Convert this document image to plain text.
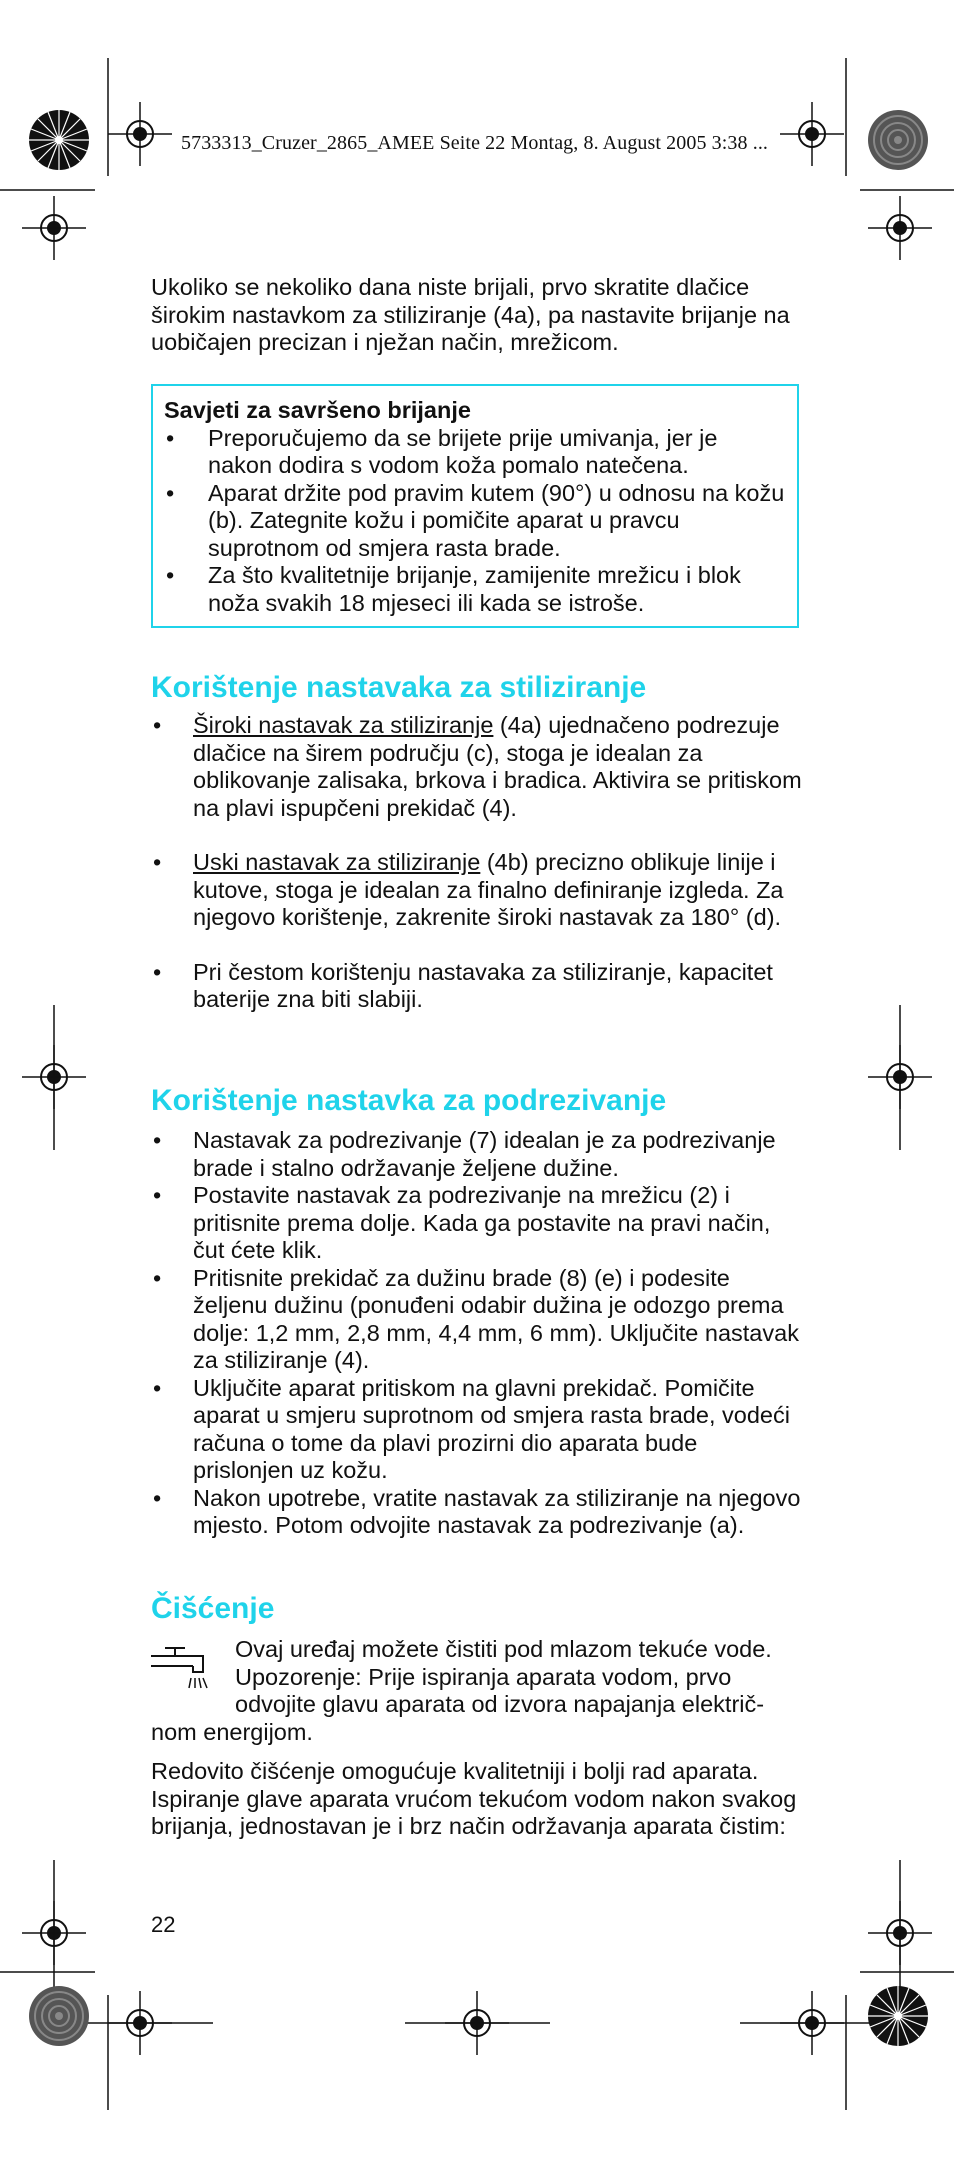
5733313_Cruzer_2865_AMEE Seite 22 Montag, 8. August 2005 3:38 ...

Ukoliko se nekoliko dana niste brijali, prvo skratite dlačice širokim nastavkom za stiliziranje (4a), pa nastavite brijanje na uobičajen precizan i nježan način, mrežicom.

Savjeti za savršeno brijanje
• Preporučujemo da se brijete prije umivanja, jer je nakon dodira s vodom koža pomalo natečena.
• Aparat držite pod pravim kutem (90°) u odnosu na kožu (b). Zategnite kožu i pomičite aparat u pravcu suprotnom od smjera rasta brade.
• Za što kvalitetnije brijanje, zamijenite mrežicu i blok noža svakih 18 mjeseci ili kada se istroše.
Korištenje nastavaka za stiliziranje
• Široki nastavak za stiliziranje (4a) ujednačeno podrezuje dlačice na širem području (c), stoga je idealan za oblikovanje zalisaka, brkova i bradica. Aktivira se pritiskom na plavi ispupčeni prekidač (4).
• Uski nastavak za stiliziranje (4b) precizno oblikuje linije i kutove, stoga je idealan za finalno definiranje izgleda. Za njegovo korištenje, zakrenite široki nastavak za 180° (d).
• Pri čestom korištenju nastavaka za stiliziranje, kapacitet baterije zna biti slabiji.
Korištenje nastavka za podrezivanje
• Nastavak za podrezivanje (7) idealan je za podrezivanje brade i stalno održavanje željene dužine.
• Postavite nastavak za podrezivanje na mrežicu (2) i pritisnite prema dolje. Kada ga postavite na pravi način, čut ćete klik.
• Pritisnite prekidač za dužinu brade (8) (e) i podesite željenu dužinu (ponuđeni odabir dužina je odozgo prema dolje: 1,2 mm, 2,8 mm, 4,4 mm, 6 mm). Uključite nastavak za stiliziranje (4).
• Uključite aparat pritiskom na glavni prekidač. Pomičite aparat u smjeru suprotnom od smjera rasta brade, vodeći računa o tome da plavi prozirni dio aparata bude prislonjen uz kožu.
• Nakon upotrebe, vratite nastavak za stiliziranje na njegovo mjesto. Potom odvojite nastavak za podrezivanje (a).
Čišćenje
Ovaj uređaj možete čistiti pod mlazom tekuće vode. Upozorenje: Prije ispiranja aparata vodom, prvo odvojite glavu aparata od izvora napajanja električ-
nom energijom.

Redovito čišćenje omogućuje kvalitetniji i bolji rad aparata. Ispiranje glave aparata vrućom tekućom vodom nakon svakog brijanja, jednostavan je i brz način održavanja aparata čistim:

22
